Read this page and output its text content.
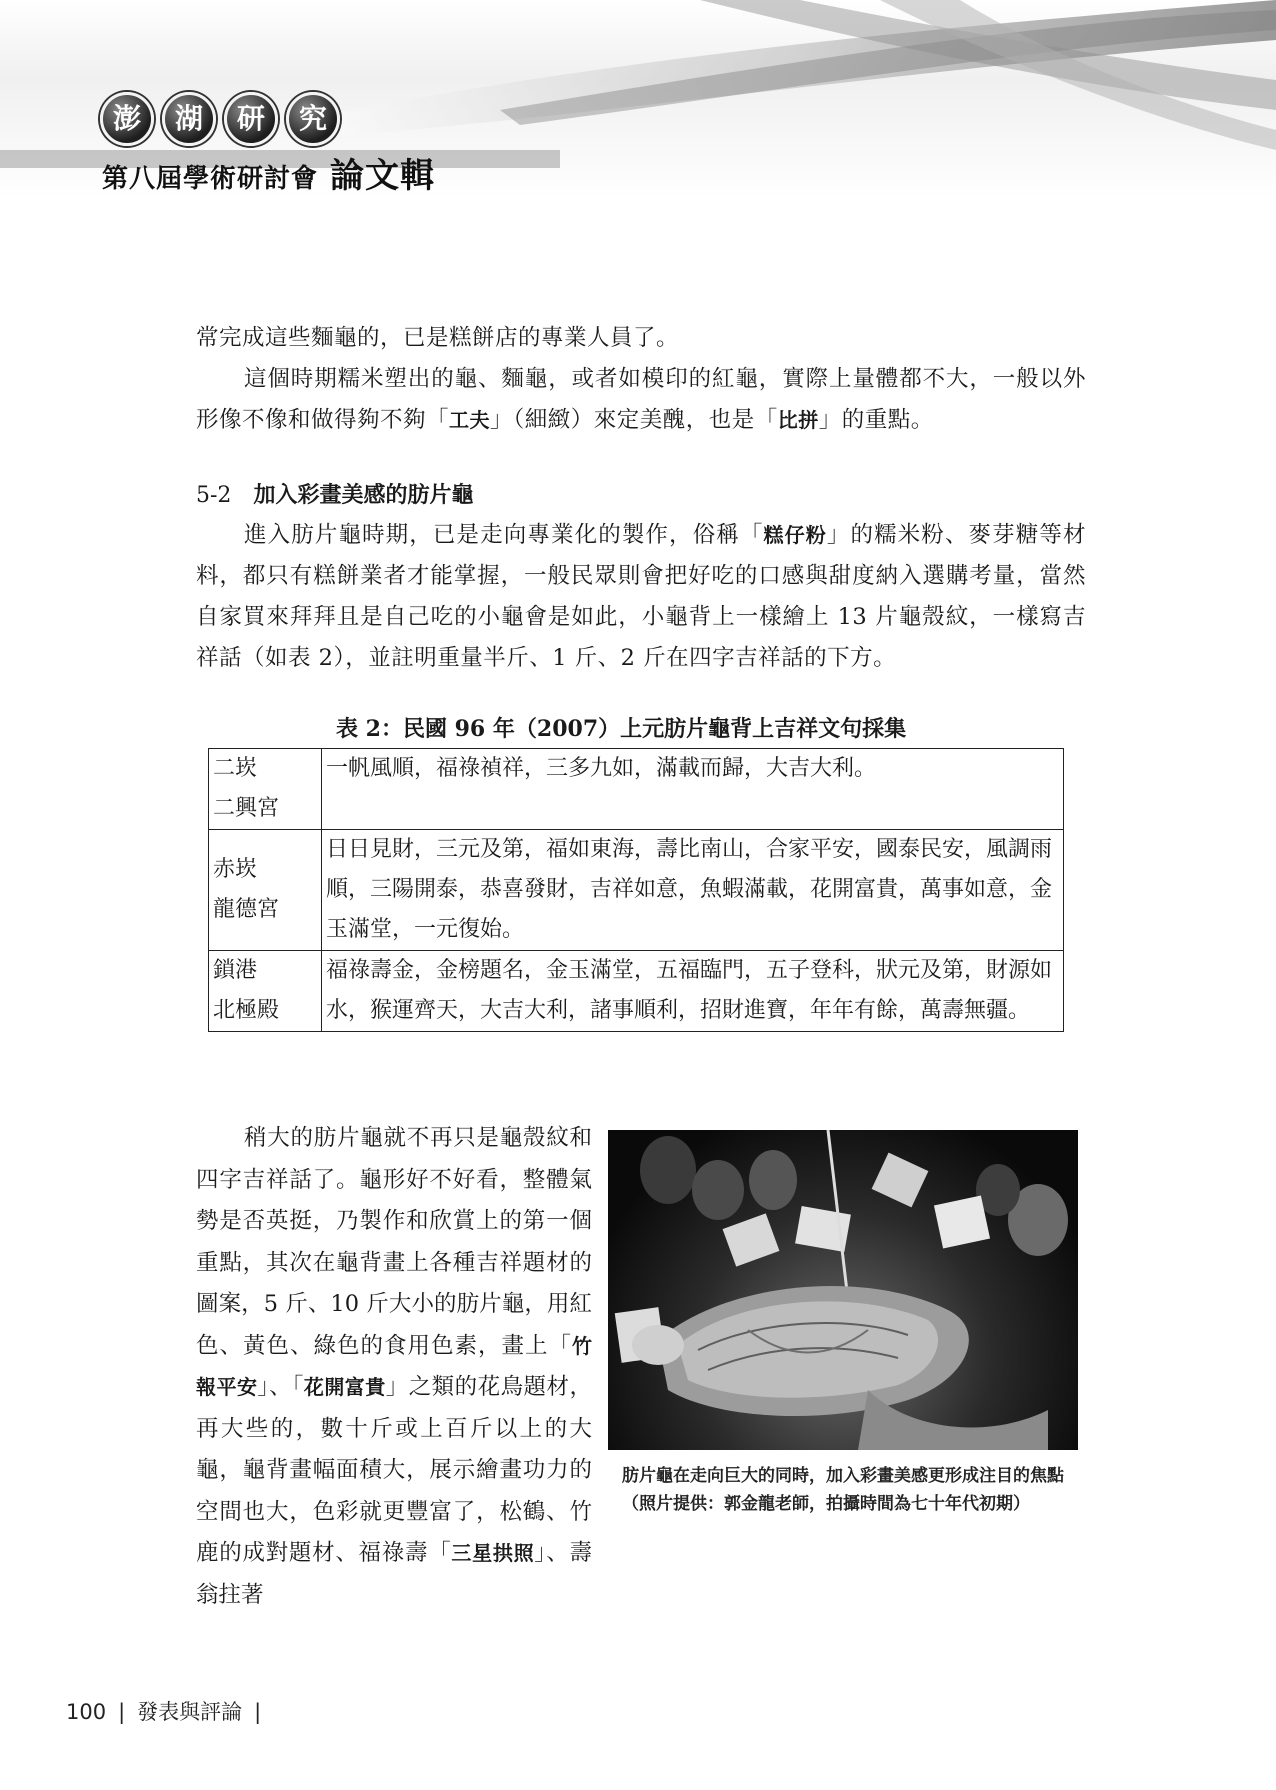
澎	湖	研	究
第八屆學術研討會 論文輯

常完成這些麵龜的，已是糕餅店的專業人員了。

這個時期糯米塑出的龜、麵龜，或者如模印的紅龜，實際上量體都不大，一般以外形像不像和做得夠不夠「工夫」（細緻）來定美醜，也是「比拼」的重點。

5-2 加入彩畫美感的肪片龜

進入肪片龜時期，已是走向專業化的製作，俗稱「糕仔粉」的糯米粉、麥芽糖等材料，都只有糕餅業者才能掌握，一般民眾則會把好吃的口感與甜度納入選購考量，當然自家買來拜拜且是自己吃的小龜會是如此，小龜背上一樣繪上 13 片龜殼紋，一樣寫吉祥話（如表 2），並註明重量半斤、1 斤、2 斤在四字吉祥話的下方。

表 2：民國 96 年（2007）上元肪片龜背上吉祥文句採集
二崁
二興宮	一帆風順，福祿禎祥，三多九如，滿載而歸，大吉大利。

赤崁
龍德宮	日日見財，三元及第，福如東海，壽比南山，合家平安，國泰民安，風調雨順，三陽開泰，恭喜發財，吉祥如意，魚蝦滿載，花開富貴，萬事如意，金玉滿堂，一元復始。

鎖港
北極殿	福祿壽金，金榜題名，金玉滿堂，五福臨門，五子登科，狀元及第，財源如水，猴運齊天，大吉大利，諸事順利，招財進寶，年年有餘，萬壽無疆。

稍大的肪片龜就不再只是龜殼紋和四字吉祥話了。龜形好不好看，整體氣勢是否英挺，乃製作和欣賞上的第一個重點，其次在龜背畫上各種吉祥題材的圖案，5 斤、10 斤大小的肪片龜，用紅色、黃色、綠色的食用色素，畫上「竹報平安」、「花開富貴」之類的花鳥題材，再大些的，數十斤或上百斤以上的大龜，龜背畫幅面積大，展示繪畫功力的空間也大，色彩就更豐富了，松鶴、竹鹿的成對題材、福祿壽「三星拱照」、壽翁拄著

肪片龜在走向巨大的同時，加入彩畫美感更形成注目的焦點（照片提供：郭金龍老師，拍攝時間為七十年代初期）
100 | 發表與評論 |
